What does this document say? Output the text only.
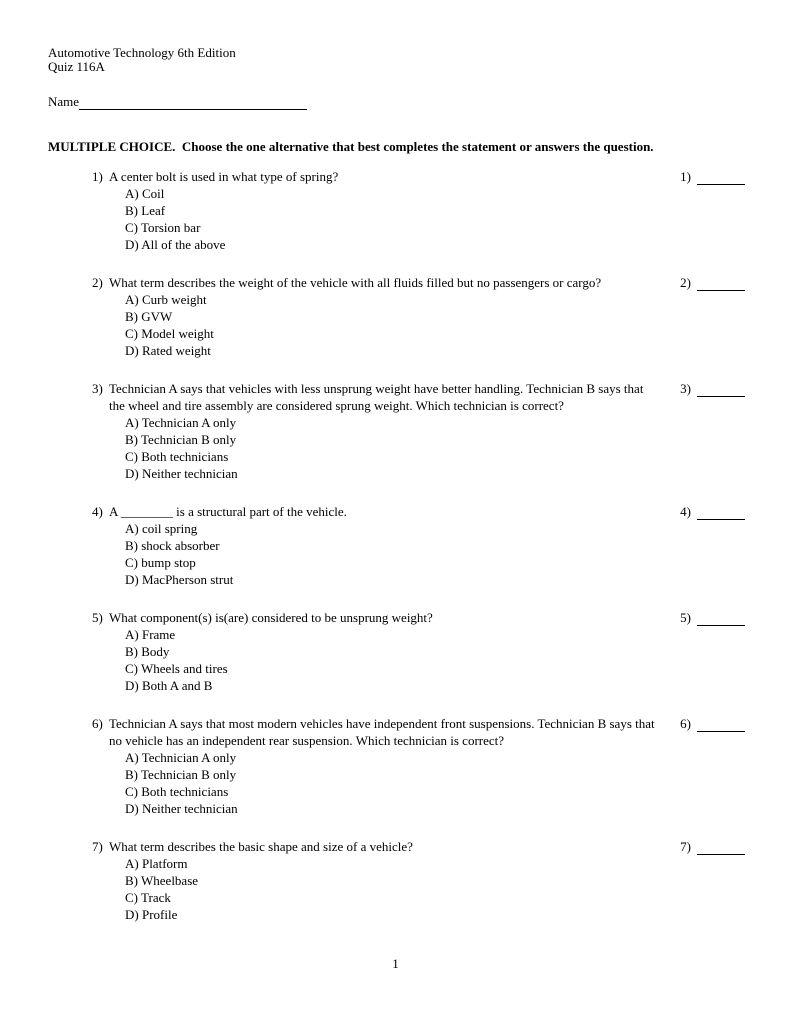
Automotive Technology 6th Edition
Quiz 116A
Name
MULTIPLE CHOICE.  Choose the one alternative that best completes the statement or answers the question.
1) A center bolt is used in what type of spring?
A) Coil
B) Leaf
C) Torsion bar
D) All of the above
1)
2) What term describes the weight of the vehicle with all fluids filled but no passengers or cargo?
A) Curb weight
B) GVW
C) Model weight
D) Rated weight
2)
3) Technician A says that vehicles with less unsprung weight have better handling. Technician B says that the wheel and tire assembly are considered sprung weight. Which technician is correct?
A) Technician A only
B) Technician B only
C) Both technicians
D) Neither technician
3)
4) A ________ is a structural part of the vehicle.
A) coil spring
B) shock absorber
C) bump stop
D) MacPherson strut
4)
5) What component(s) is(are) considered to be unsprung weight?
A) Frame
B) Body
C) Wheels and tires
D) Both A and B
5)
6) Technician A says that most modern vehicles have independent front suspensions. Technician B says that no vehicle has an independent rear suspension. Which technician is correct?
A) Technician A only
B) Technician B only
C) Both technicians
D) Neither technician
6)
7) What term describes the basic shape and size of a vehicle?
A) Platform
B) Wheelbase
C) Track
D) Profile
7)
1
